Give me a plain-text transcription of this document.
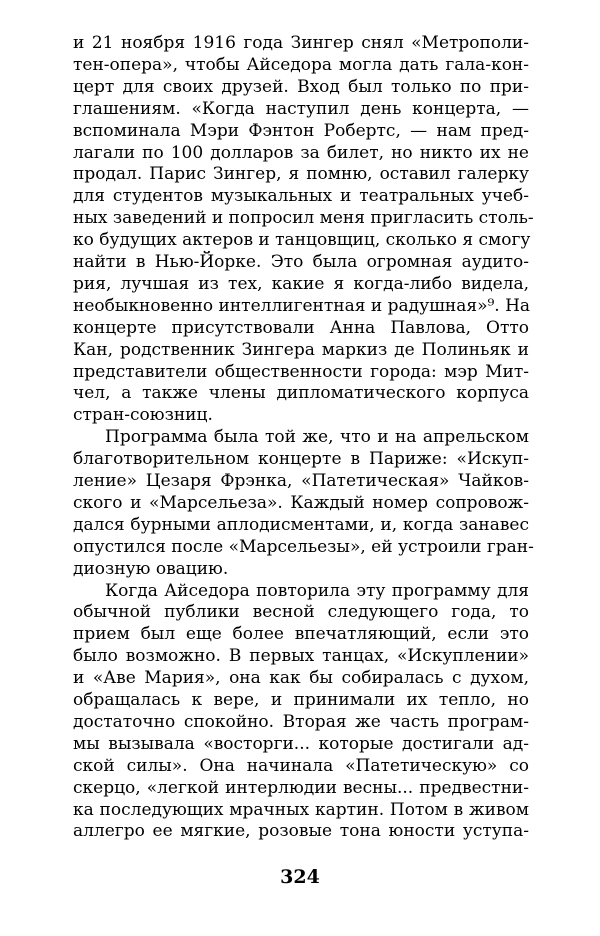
и 21 ноября 1916 года Зингер снял «Метрополи-
тен-опера», чтобы Айседора могла дать гала-кон-
церт для своих друзей. Вход был только по при-
глашениям. «Когда наступил день концерта, —
вспоминала Мэри Фэнтон Робертс, — нам пред-
лагали по 100 долларов за билет, но никто их не
продал. Парис Зингер, я помню, оставил галерку
для студентов музыкальных и театральных учеб-
ных заведений и попросил меня пригласить столь-
ко будущих актеров и танцовщиц, сколько я смогу
найти в Нью-Йорке. Это была огромная аудито-
рия, лучшая из тех, какие я когда-либо видела,
необыкновенно интеллигентная и радушная»⁹. На
концерте присутствовали Анна Павлова, Отто
Кан, родственник Зингера маркиз де Полиньяк и
представители общественности города: мэр Мит-
чел, а также члены дипломатического корпуса
стран-союзниц.
Программа была той же, что и на апрельском
благотворительном концерте в Париже: «Искуп-
ление» Цезаря Фрэнка, «Патетическая» Чайков-
ского и «Марсельеза». Каждый номер сопровож-
дался бурными аплодисментами, и, когда занавес
опустился после «Марсельезы», ей устроили гран-
диозную овацию.
Когда Айседора повторила эту программу для
обычной публики весной следующего года, то
прием был еще более впечатляющий, если это
было возможно. В первых танцах, «Искуплении»
и «Аве Мария», она как бы собиралась с духом,
обращалась к вере, и принимали их тепло, но
достаточно спокойно. Вторая же часть програм-
мы вызывала «восторги... которые достигали ад-
ской силы». Она начинала «Патетическую» со
скерцо, «легкой интерлюдии весны... предвестни-
ка последующих мрачных картин. Потом в живом
аллегро ее мягкие, розовые тона юности уступа-
324
